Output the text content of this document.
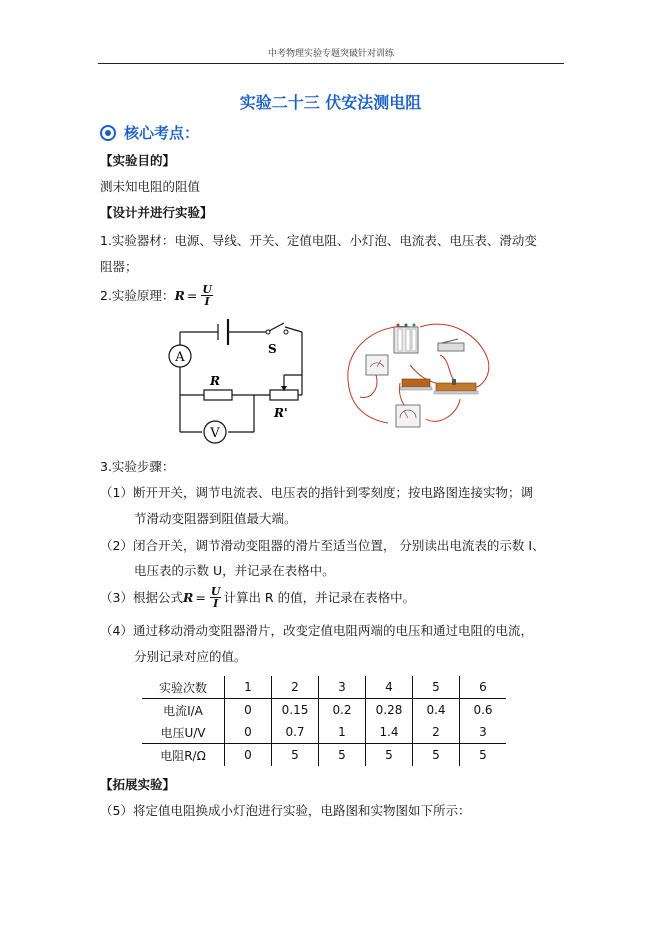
中考物理实验专题突破针对训练
实验二十三 伏安法测电阻
核心考点：
【实验目的】
测未知电阻的阻值
【设计并进行实验】
1.实验器材：电源、导线、开关、定值电阻、小灯泡、电流表、电压表、滑动变
阻器；
2.实验原理： $R = \frac{U}{I}$
S
A
R
R'
V
3.实验步骤：
（1）断开开关，调节电流表、电压表的指针到零刻度；按电路图连接实物；调
节滑动变阻器到阻值最大端。
（2）闭合开关，调节滑动变阻器的滑片至适当位置， 分别读出电流表的示数 I、
电压表的示数 U，并记录在表格中。
（3）根据公式 $R = \frac{U}{I}$ 计算出 R 的值，并记录在表格中。
（4）通过移动滑动变阻器滑片，改变定值电阻两端的电压和通过电阻的电流，
分别记录对应的值。
实验次数	1	2	3	4	5	6
电流I/A	0	0.15	0.2	0.28	0.4	0.6
电压U/V	0	0.7	1	1.4	2	3
电阻R/Ω	0	5	5	5	5	5
【拓展实验】
（5）将定值电阻换成小灯泡进行实验，电路图和实物图如下所示：
